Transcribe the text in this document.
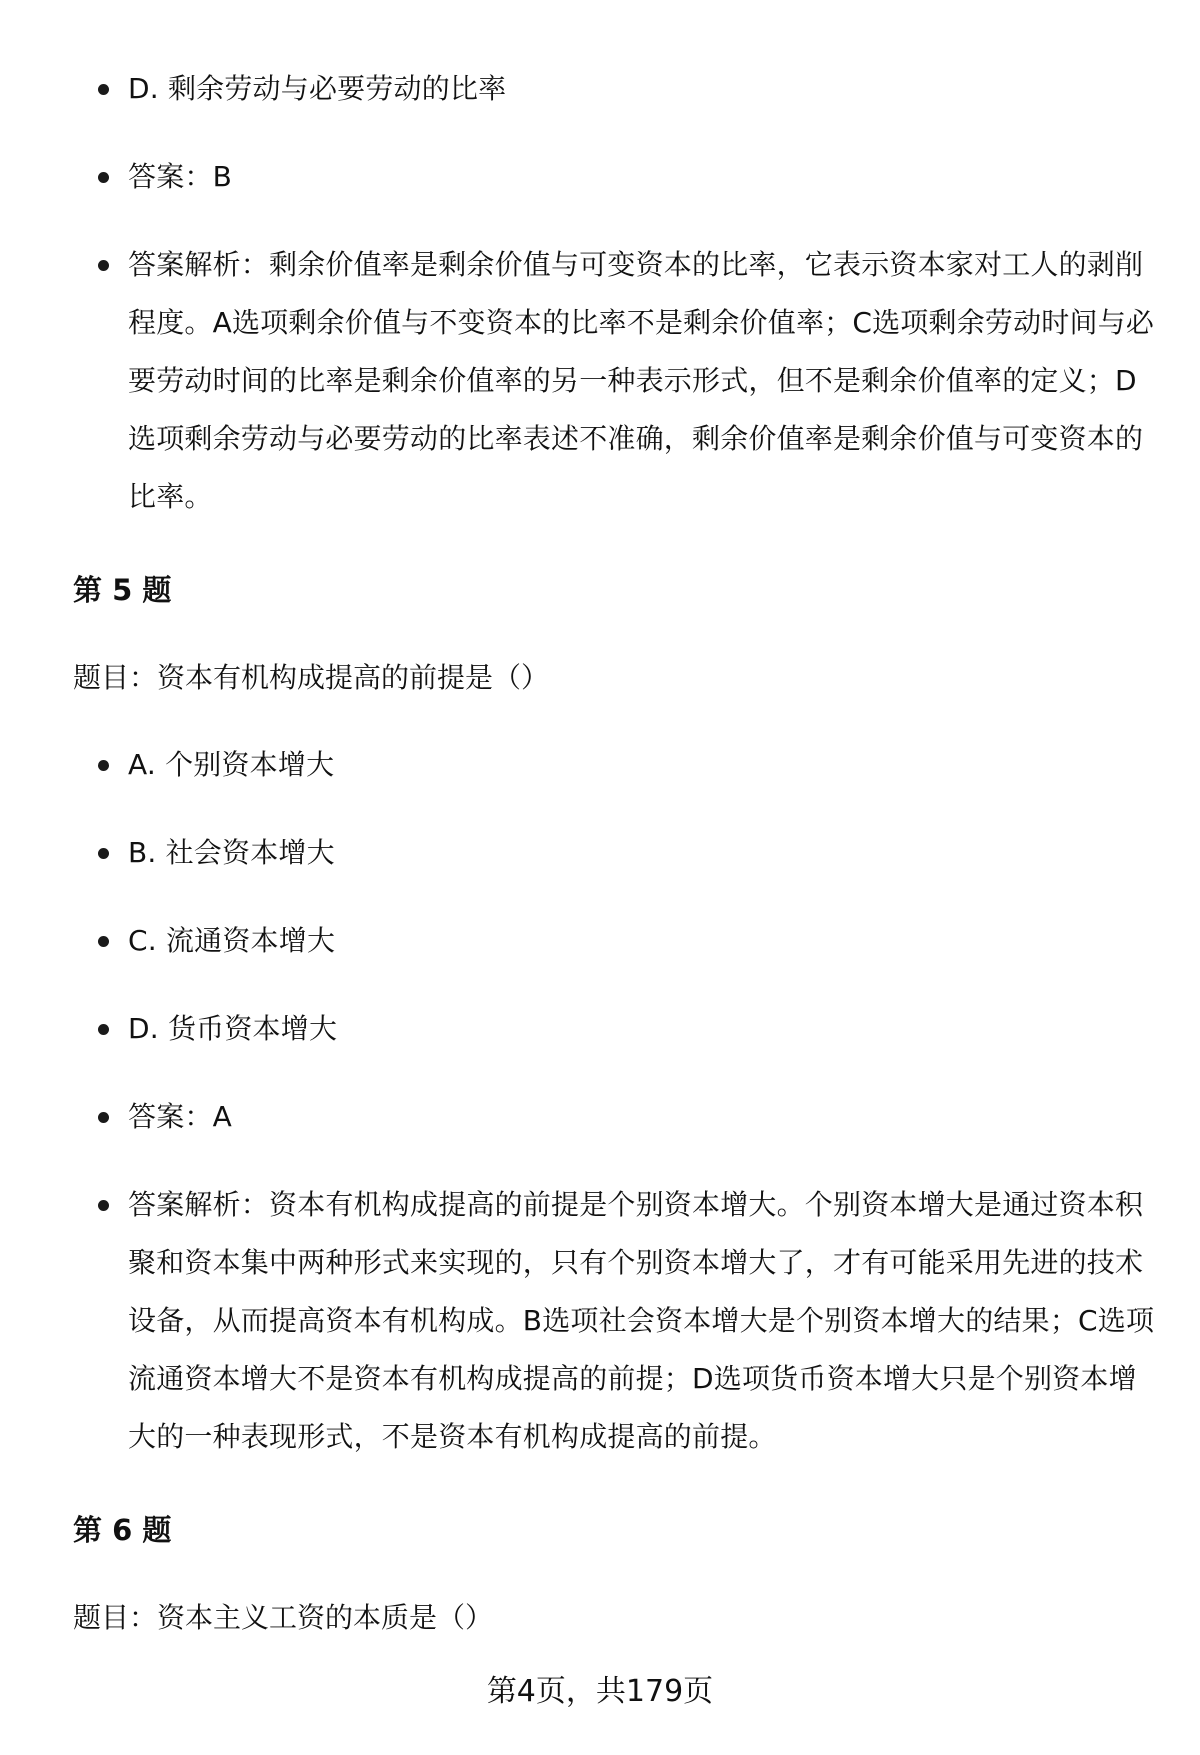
D. 剩余劳动与必要劳动的比率
答案：B
答案解析：剩余价值率是剩余价值与可变资本的比率，它表示资本家对工人的剥削程度。A选项剩余价值与不变资本的比率不是剩余价值率；C选项剩余劳动时间与必要劳动时间的比率是剩余价值率的另一种表示形式，但不是剩余价值率的定义；D选项剩余劳动与必要劳动的比率表述不准确，剩余价值率是剩余价值与可变资本的比率。
第 5 题
题目：资本有机构成提高的前提是（）
A. 个别资本增大
B. 社会资本增大
C. 流通资本增大
D. 货币资本增大
答案：A
答案解析：资本有机构成提高的前提是个别资本增大。个别资本增大是通过资本积聚和资本集中两种形式来实现的，只有个别资本增大了，才有可能采用先进的技术设备，从而提高资本有机构成。B选项社会资本增大是个别资本增大的结果；C选项流通资本增大不是资本有机构成提高的前提；D选项货币资本增大只是个别资本增大的一种表现形式，不是资本有机构成提高的前提。
第 6 题
题目：资本主义工资的本质是（）
第4页，共179页
